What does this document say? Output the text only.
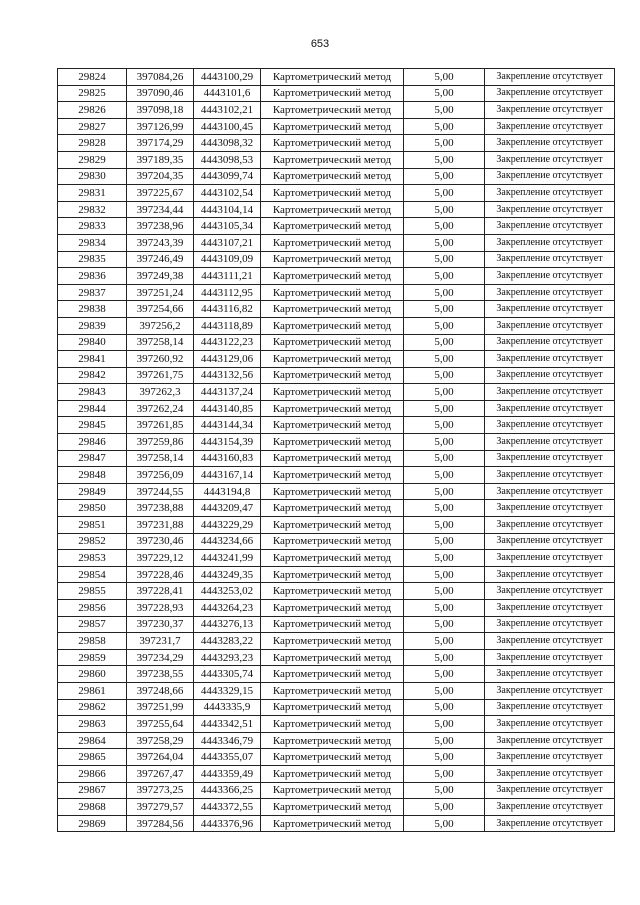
653
29824	397084,26	4443100,29	Картометрический метод	5,00	Закрепление отсутствует
29825	397090,46	4443101,6	Картометрический метод	5,00	Закрепление отсутствует
29826	397098,18	4443102,21	Картометрический метод	5,00	Закрепление отсутствует
29827	397126,99	4443100,45	Картометрический метод	5,00	Закрепление отсутствует
29828	397174,29	4443098,32	Картометрический метод	5,00	Закрепление отсутствует
29829	397189,35	4443098,53	Картометрический метод	5,00	Закрепление отсутствует
29830	397204,35	4443099,74	Картометрический метод	5,00	Закрепление отсутствует
29831	397225,67	4443102,54	Картометрический метод	5,00	Закрепление отсутствует
29832	397234,44	4443104,14	Картометрический метод	5,00	Закрепление отсутствует
29833	397238,96	4443105,34	Картометрический метод	5,00	Закрепление отсутствует
29834	397243,39	4443107,21	Картометрический метод	5,00	Закрепление отсутствует
29835	397246,49	4443109,09	Картометрический метод	5,00	Закрепление отсутствует
29836	397249,38	4443111,21	Картометрический метод	5,00	Закрепление отсутствует
29837	397251,24	4443112,95	Картометрический метод	5,00	Закрепление отсутствует
29838	397254,66	4443116,82	Картометрический метод	5,00	Закрепление отсутствует
29839	397256,2	4443118,89	Картометрический метод	5,00	Закрепление отсутствует
29840	397258,14	4443122,23	Картометрический метод	5,00	Закрепление отсутствует
29841	397260,92	4443129,06	Картометрический метод	5,00	Закрепление отсутствует
29842	397261,75	4443132,56	Картометрический метод	5,00	Закрепление отсутствует
29843	397262,3	4443137,24	Картометрический метод	5,00	Закрепление отсутствует
29844	397262,24	4443140,85	Картометрический метод	5,00	Закрепление отсутствует
29845	397261,85	4443144,34	Картометрический метод	5,00	Закрепление отсутствует
29846	397259,86	4443154,39	Картометрический метод	5,00	Закрепление отсутствует
29847	397258,14	4443160,83	Картометрический метод	5,00	Закрепление отсутствует
29848	397256,09	4443167,14	Картометрический метод	5,00	Закрепление отсутствует
29849	397244,55	4443194,8	Картометрический метод	5,00	Закрепление отсутствует
29850	397238,88	4443209,47	Картометрический метод	5,00	Закрепление отсутствует
29851	397231,88	4443229,29	Картометрический метод	5,00	Закрепление отсутствует
29852	397230,46	4443234,66	Картометрический метод	5,00	Закрепление отсутствует
29853	397229,12	4443241,99	Картометрический метод	5,00	Закрепление отсутствует
29854	397228,46	4443249,35	Картометрический метод	5,00	Закрепление отсутствует
29855	397228,41	4443253,02	Картометрический метод	5,00	Закрепление отсутствует
29856	397228,93	4443264,23	Картометрический метод	5,00	Закрепление отсутствует
29857	397230,37	4443276,13	Картометрический метод	5,00	Закрепление отсутствует
29858	397231,7	4443283,22	Картометрический метод	5,00	Закрепление отсутствует
29859	397234,29	4443293,23	Картометрический метод	5,00	Закрепление отсутствует
29860	397238,55	4443305,74	Картометрический метод	5,00	Закрепление отсутствует
29861	397248,66	4443329,15	Картометрический метод	5,00	Закрепление отсутствует
29862	397251,99	4443335,9	Картометрический метод	5,00	Закрепление отсутствует
29863	397255,64	4443342,51	Картометрический метод	5,00	Закрепление отсутствует
29864	397258,29	4443346,79	Картометрический метод	5,00	Закрепление отсутствует
29865	397264,04	4443355,07	Картометрический метод	5,00	Закрепление отсутствует
29866	397267,47	4443359,49	Картометрический метод	5,00	Закрепление отсутствует
29867	397273,25	4443366,25	Картометрический метод	5,00	Закрепление отсутствует
29868	397279,57	4443372,55	Картометрический метод	5,00	Закрепление отсутствует
29869	397284,56	4443376,96	Картометрический метод	5,00	Закрепление отсутствует
